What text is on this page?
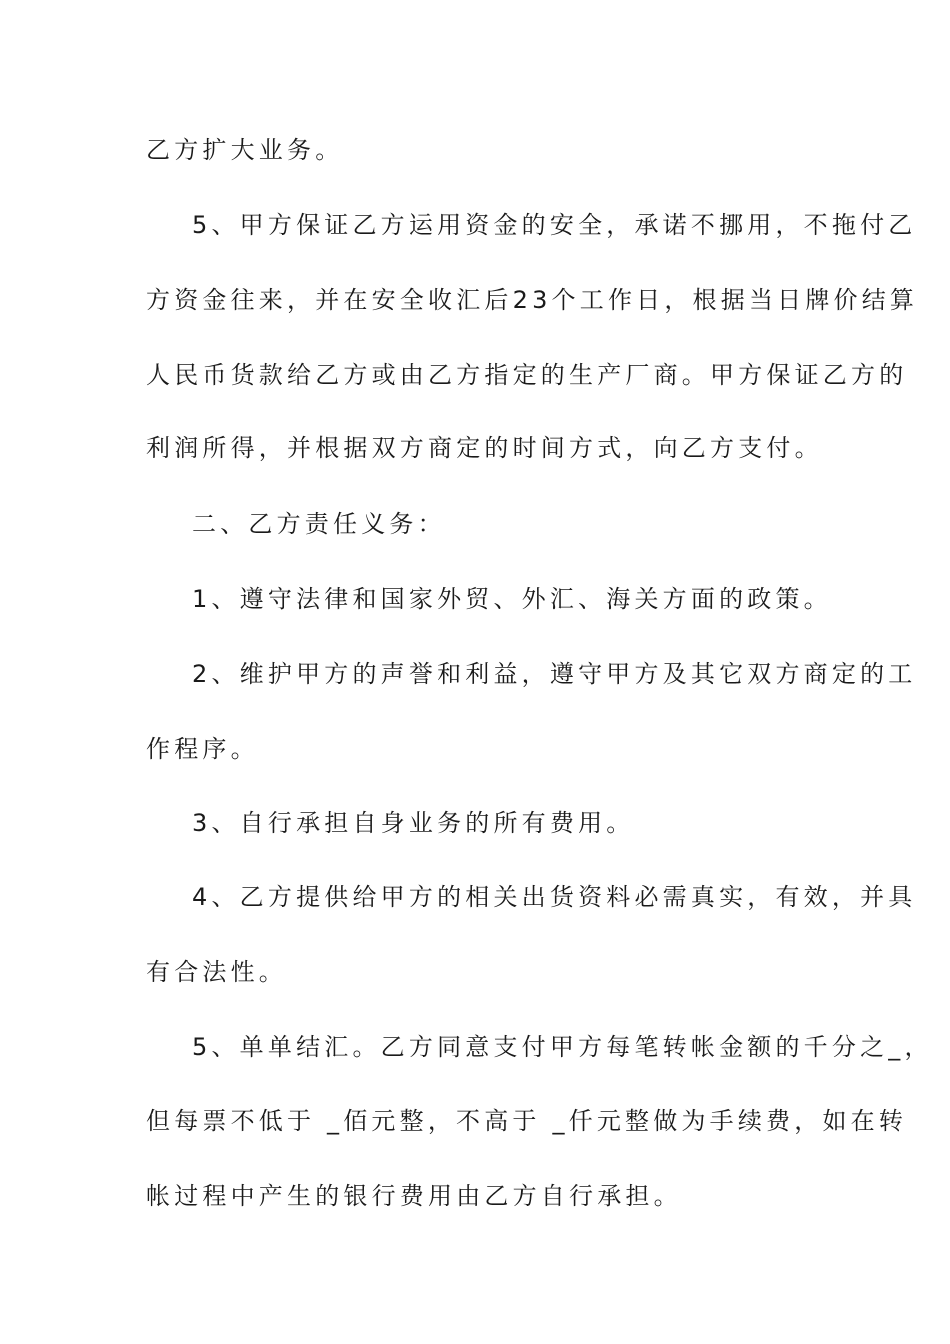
乙方扩大业务。
5、甲方保证乙方运用资金的安全，承诺不挪用，不拖付乙
方资金往来，并在安全收汇后23个工作日，根据当日牌价结算
人民币货款给乙方或由乙方指定的生产厂商。甲方保证乙方的
利润所得，并根据双方商定的时间方式，向乙方支付。
二、乙方责任义务：
1、遵守法律和国家外贸、外汇、海关方面的政策。
2、维护甲方的声誉和利益，遵守甲方及其它双方商定的工
作程序。
3、自行承担自身业务的所有费用。
4、乙方提供给甲方的相关出货资料必需真实，有效，并具
有合法性。
5、单单结汇。乙方同意支付甲方每笔转帐金额的千分之_，
但每票不低于 _佰元整，不高于 _仟元整做为手续费，如在转
帐过程中产生的银行费用由乙方自行承担。
